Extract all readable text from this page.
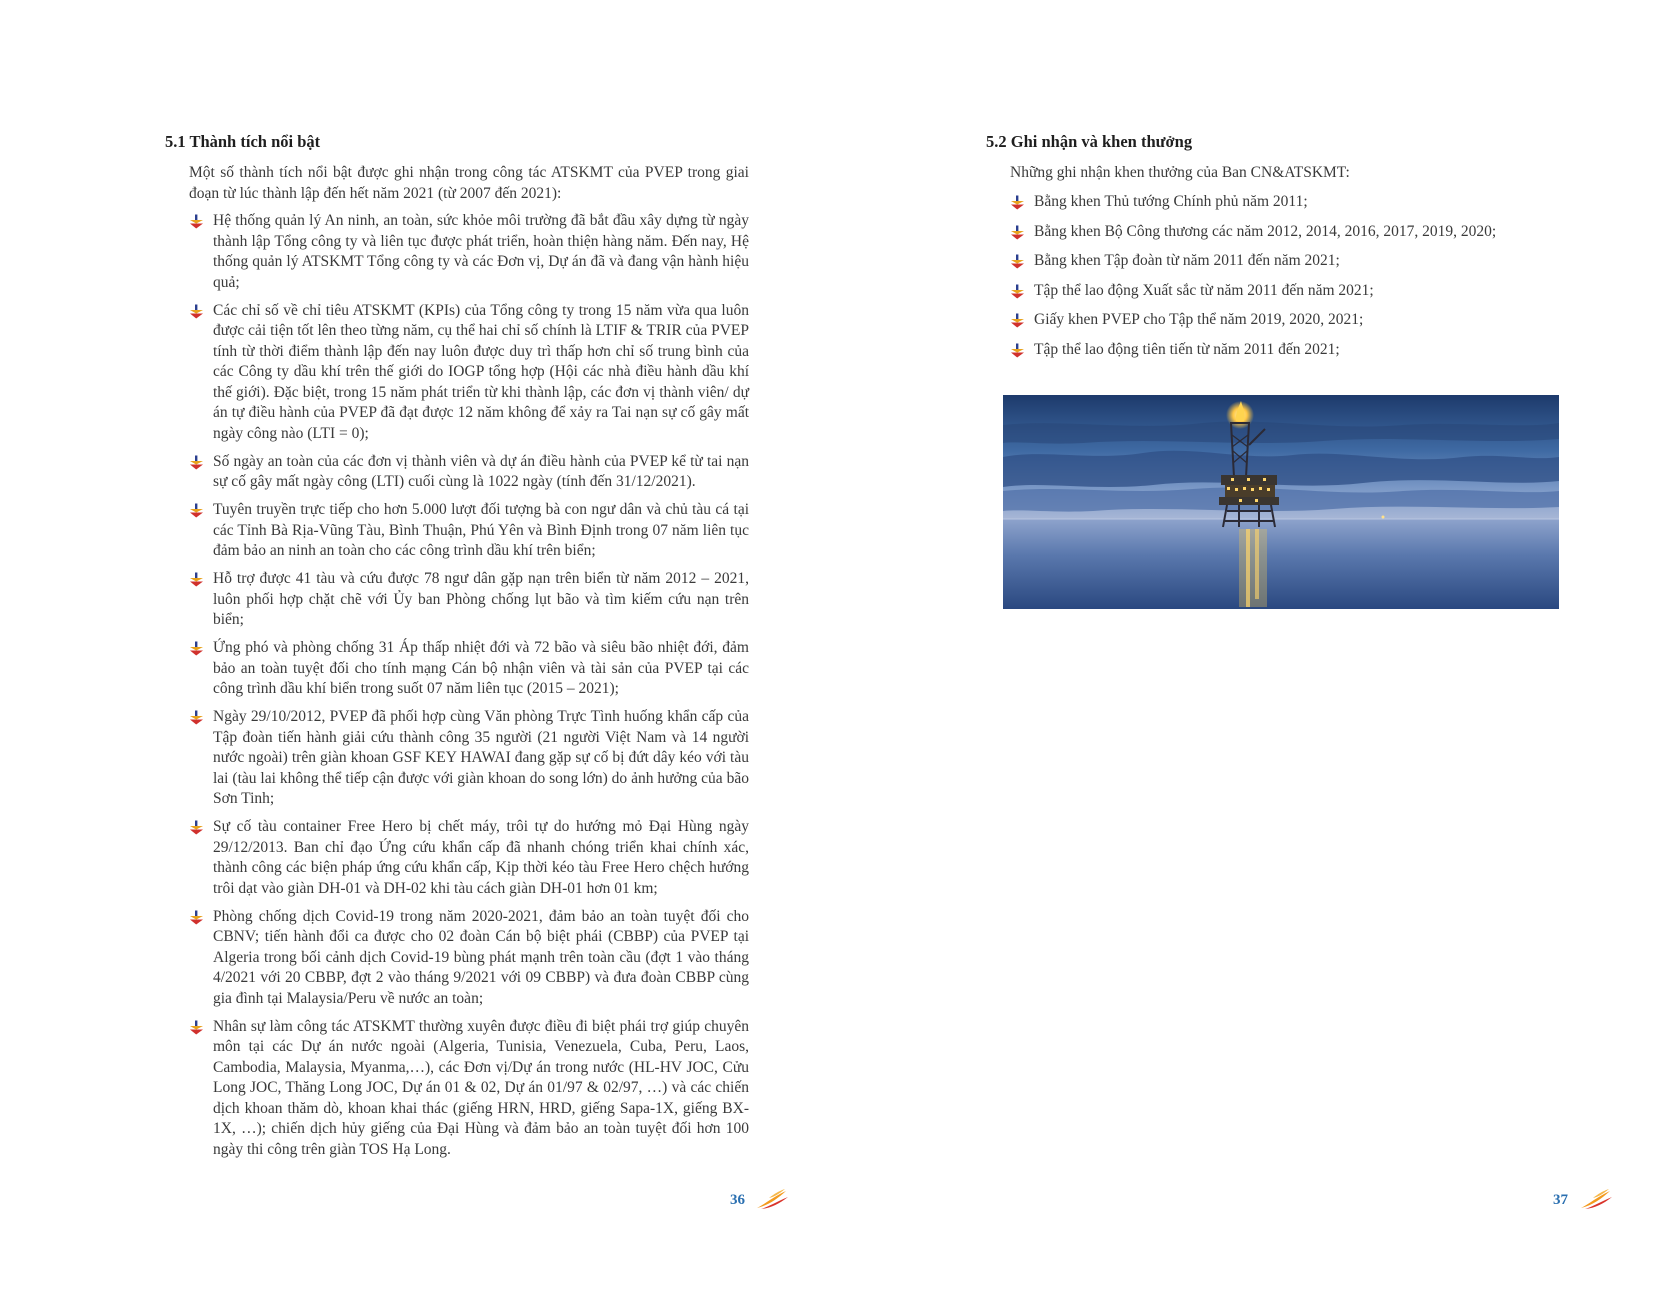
5.1 Thành tích nổi bật

Một số thành tích nổi bật được ghi nhận trong công tác ATSKMT của PVEP trong giai đoạn từ lúc thành lập đến hết năm 2021 (từ 2007 đến 2021):

Hệ thống quản lý An ninh, an toàn, sức khỏe môi trường đã bắt đầu xây dựng từ ngày thành lập Tổng công ty và liên tục được phát triển, hoàn thiện hàng năm. Đến nay, Hệ thống quản lý ATSKMT Tổng công ty và các Đơn vị, Dự án đã và đang vận hành hiệu quả;
Các chỉ số về chỉ tiêu ATSKMT (KPIs) của Tổng công ty trong 15 năm vừa qua luôn được cải tiện tốt lên theo từng năm, cụ thể hai chỉ số chính là LTIF & TRIR của PVEP tính từ thời điểm thành lập đến nay luôn được duy trì thấp hơn chỉ số trung bình của các Công ty dầu khí trên thế giới do IOGP tổng hợp (Hội các nhà điều hành dầu khí thế giới). Đặc biệt, trong 15 năm phát triển từ khi thành lập, các đơn vị thành viên/ dự án tự điều hành của PVEP đã đạt được 12 năm không để xảy ra Tai nạn sự cố gây mất ngày công nào (LTI = 0);
Số ngày an toàn của các đơn vị thành viên và dự án điều hành của PVEP kể từ tai nạn sự cố gây mất ngày công (LTI) cuối cùng là 1022 ngày (tính đến 31/12/2021).
Tuyên truyền trực tiếp cho hơn 5.000 lượt đối tượng bà con ngư dân và chủ tàu cá tại các Tỉnh Bà Rịa-Vũng Tàu, Bình Thuận, Phú Yên và Bình Định trong 07 năm liên tục đảm bảo an ninh an toàn cho các công trình dầu khí trên biển;
Hỗ trợ được 41 tàu và cứu được 78 ngư dân gặp nạn trên biển từ năm 2012 – 2021, luôn phối hợp chặt chẽ với Ủy ban Phòng chống lụt bão và tìm kiếm cứu nạn trên biển;
Ứng phó và phòng chống 31 Áp thấp nhiệt đới và 72 bão và siêu bão nhiệt đới, đảm bảo an toàn tuyệt đối cho tính mạng Cán bộ nhận viên và tài sản của PVEP tại các công trình dầu khí biển trong suốt 07 năm liên tục (2015 – 2021);
Ngày 29/10/2012, PVEP đã phối hợp cùng Văn phòng Trực Tình huống khẩn cấp của Tập đoàn tiến hành giải cứu thành công 35 người (21 người Việt Nam và 14 người nước ngoài) trên giàn khoan GSF KEY HAWAI đang gặp sự cố bị đứt dây kéo với tàu lai (tàu lai không thể tiếp cận được với giàn khoan do song lớn) do ảnh hưởng của bão Sơn Tinh;
Sự cố tàu container Free Hero bị chết máy, trôi tự do hướng mỏ Đại Hùng ngày 29/12/2013. Ban chỉ đạo Ứng cứu khẩn cấp đã nhanh chóng triển khai chính xác, thành công các biện pháp ứng cứu khẩn cấp, Kịp thời kéo tàu Free Hero chệch hướng trôi dạt vào giàn DH-01 và DH-02 khi tàu cách giàn DH-01 hơn 01 km;
Phòng chống dịch Covid-19 trong năm 2020-2021, đảm bảo an toàn tuyệt đối cho CBNV; tiến hành đổi ca được cho 02 đoàn Cán bộ biệt phái (CBBP) của PVEP tại Algeria trong bối cảnh dịch Covid-19 bùng phát mạnh trên toàn cầu (đợt 1 vào tháng 4/2021 với 20 CBBP, đợt 2 vào tháng 9/2021 với 09 CBBP) và đưa đoàn CBBP cùng gia đình tại Malaysia/Peru về nước an toàn;
Nhân sự làm công tác ATSKMT thường xuyên được điều đi biệt phái trợ giúp chuyên môn tại các Dự án nước ngoài (Algeria, Tunisia, Venezuela, Cuba, Peru, Laos, Cambodia, Malaysia, Myanma,…), các Đơn vị/Dự án trong nước (HL-HV JOC, Cửu Long JOC, Thăng Long JOC, Dự án 01 & 02, Dự án 01/97 & 02/97, …) và các chiến dịch khoan thăm dò, khoan khai thác (giếng HRN, HRD, giếng Sapa-1X, giếng BX-1X, …); chiến dịch hủy giếng của Đại Hùng và đảm bảo an toàn tuyệt đối hơn 100 ngày thi công trên giàn TOS Hạ Long.
36
5.2 Ghi nhận và khen thưởng

Những ghi nhận khen thưởng của Ban CN&ATSKMT:

Bằng khen Thủ tướng Chính phủ năm 2011;
Bằng khen Bộ Công thương các năm 2012, 2014, 2016, 2017, 2019, 2020;
Bằng khen Tập đoàn từ năm 2011 đến năm 2021;
Tập thể lao động Xuất sắc từ năm 2011 đến năm 2021;
Giấy khen PVEP cho Tập thể năm 2019, 2020, 2021;
Tập thể lao động tiên tiến từ năm 2011 đến 2021;
37
